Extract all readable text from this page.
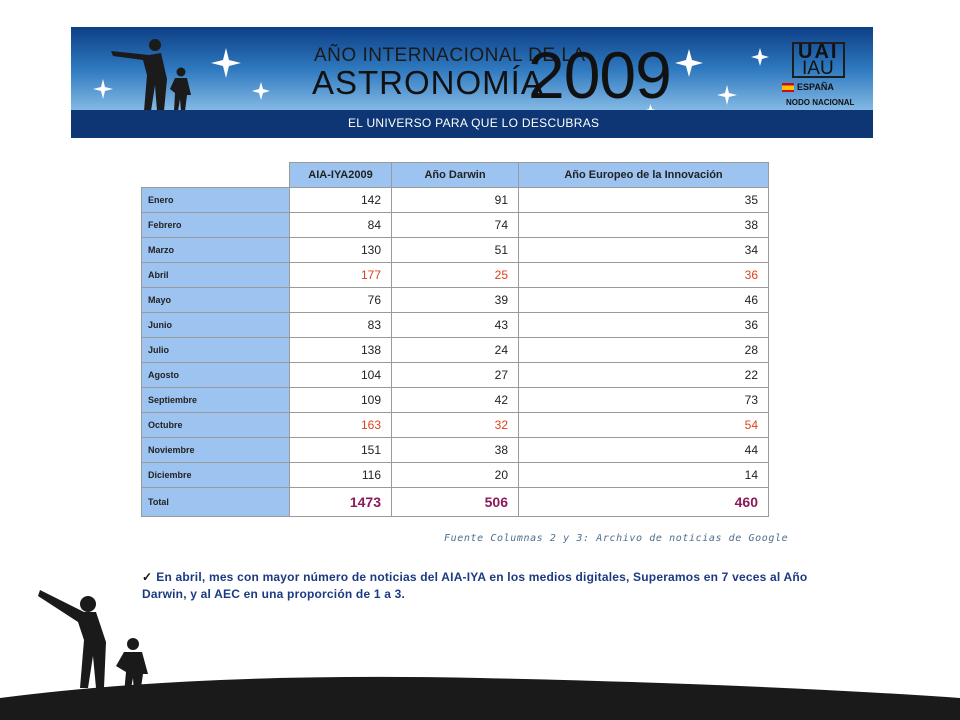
AÑO INTERNACIONAL DE LA
ASTRONOMÍA
2009
EL UNIVERSO PARA QUE LO DESCUBRAS
UAI
IAU
ESPAÑA
NODO NACIONAL
	AIA-IYA2009	Año Darwin	Año Europeo de la Innovación
Enero	142	91	35
Febrero	84	74	38
Marzo	130	51	34
Abril	177	25	36
Mayo	76	39	46
Junio	83	43	36
Julio	138	24	28
Agosto	104	27	22
Septiembre	109	42	73
Octubre	163	32	54
Noviembre	151	38	44
Diciembre	116	20	14
Total	1473	506	460
Fuente Columnas 2 y 3: Archivo de noticias de Google
✓ En abril, mes con mayor número de noticias del AIA-IYA en los medios digitales, Superamos en 7 veces al Año Darwin, y al AEC en una proporción de 1 a 3.
